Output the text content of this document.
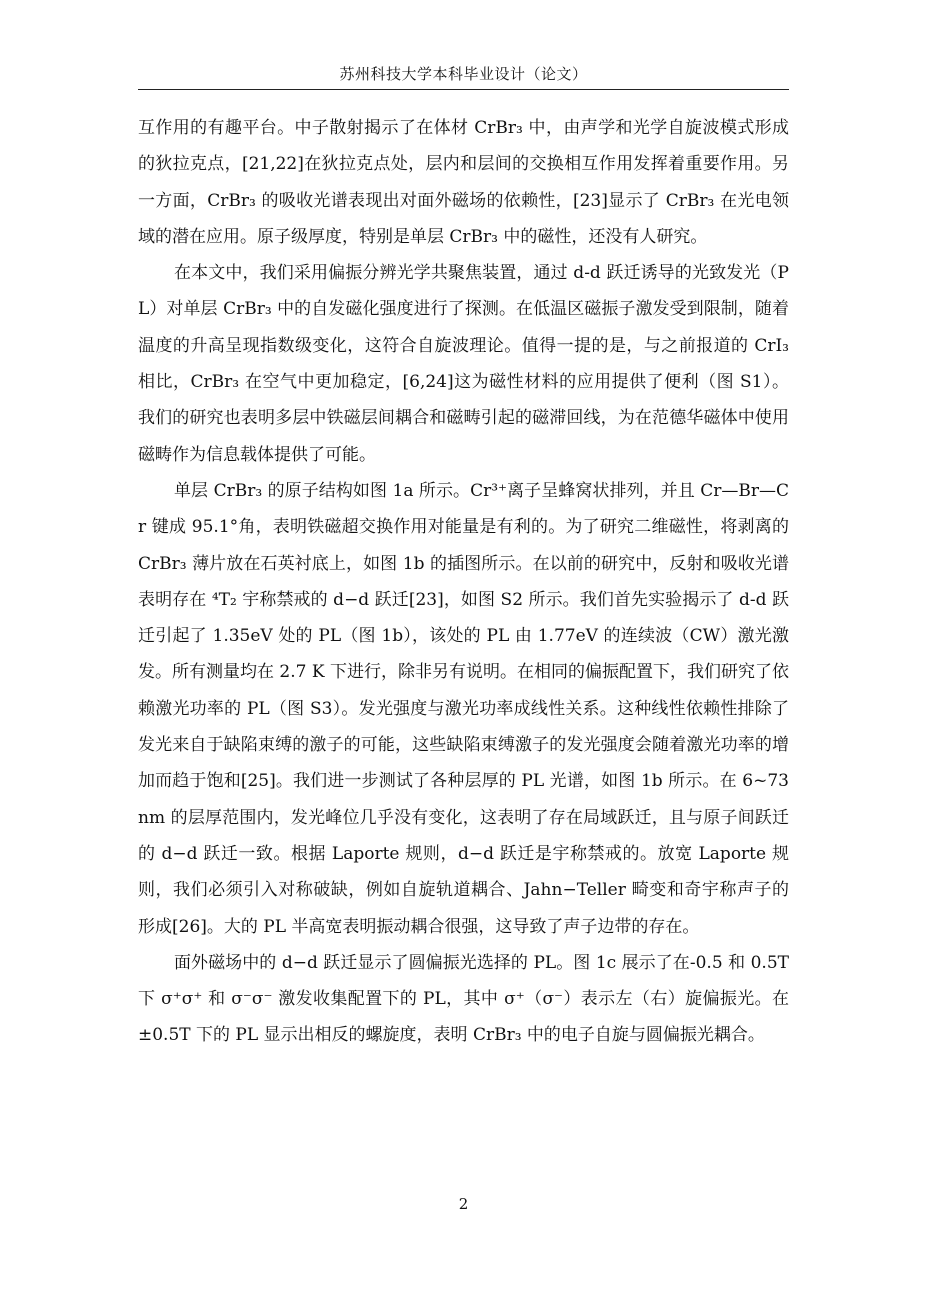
苏州科技大学本科毕业设计（论文）

互作用的有趣平台。中子散射揭示了在体材 CrBr₃ 中，由声学和光学自旋波模式形成的狄拉克点，[21,22]在狄拉克点处，层内和层间的交换相互作用发挥着重要作用。另一方面，CrBr₃ 的吸收光谱表现出对面外磁场的依赖性，[23]显示了 CrBr₃ 在光电领域的潜在应用。原子级厚度，特别是单层 CrBr₃ 中的磁性，还没有人研究。

在本文中，我们采用偏振分辨光学共聚焦装置，通过 d-d 跃迁诱导的光致发光（PL）对单层 CrBr₃ 中的自发磁化强度进行了探测。在低温区磁振子激发受到限制，随着温度的升高呈现指数级变化，这符合自旋波理论。值得一提的是，与之前报道的 CrI₃ 相比，CrBr₃ 在空气中更加稳定，[6,24]这为磁性材料的应用提供了便利（图 S1）。我们的研究也表明多层中铁磁层间耦合和磁畴引起的磁滞回线，为在范德华磁体中使用磁畴作为信息载体提供了可能。

单层 CrBr₃ 的原子结构如图 1a 所示。Cr³⁺离子呈蜂窝状排列，并且 Cr—Br—Cr 键成 95.1°角，表明铁磁超交换作用对能量是有利的。为了研究二维磁性，将剥离的 CrBr₃ 薄片放在石英衬底上，如图 1b 的插图所示。在以前的研究中，反射和吸收光谱表明存在 ⁴T₂ 宇称禁戒的 d−d 跃迁[23]，如图 S2 所示。我们首先实验揭示了 d-d 跃迁引起了 1.35eV 处的 PL（图 1b），该处的 PL 由 1.77eV 的连续波（CW）激光激发。所有测量均在 2.7 K 下进行，除非另有说明。在相同的偏振配置下，我们研究了依赖激光功率的 PL（图 S3）。发光强度与激光功率成线性关系。这种线性依赖性排除了发光来自于缺陷束缚的激子的可能，这些缺陷束缚激子的发光强度会随着激光功率的增加而趋于饱和[25]。我们进一步测试了各种层厚的 PL 光谱，如图 1b 所示。在 6~73nm 的层厚范围内，发光峰位几乎没有变化，这表明了存在局域跃迁，且与原子间跃迁的 d−d 跃迁一致。根据 Laporte 规则，d−d 跃迁是宇称禁戒的。放宽 Laporte 规则，我们必须引入对称破缺，例如自旋轨道耦合、Jahn−Teller 畸变和奇宇称声子的形成[26]。大的 PL 半高宽表明振动耦合很强，这导致了声子边带的存在。

面外磁场中的 d−d 跃迁显示了圆偏振光选择的 PL。图 1c 展示了在-0.5 和 0.5T 下 σ⁺σ⁺ 和 σ⁻σ⁻ 激发收集配置下的 PL，其中 σ⁺（σ⁻）表示左（右）旋偏振光。在 ±0.5T 下的 PL 显示出相反的螺旋度，表明 CrBr₃ 中的电子自旋与圆偏振光耦合。

2
